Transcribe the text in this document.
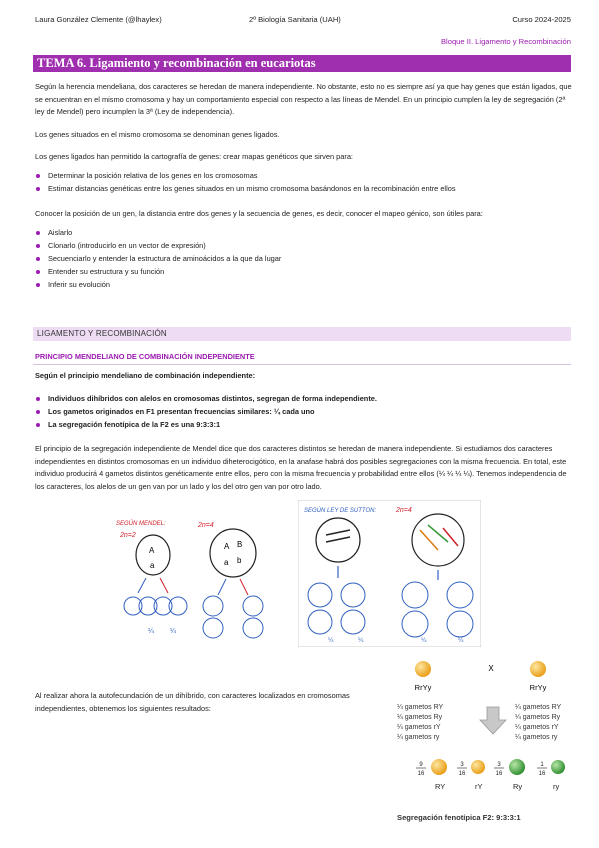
Laura González Clemente (@lhaylex)	2º Biología Sanitaria (UAH)	Curso 2024-2025
Bloque II. Ligamento y Recombinación
TEMA 6. Ligamiento y recombinación en eucariotas
Según la herencia mendeliana, dos caracteres se heredan de manera independiente. No obstante, esto no es siempre así ya que hay genes que están ligados, que se encuentran en el mismo cromosoma y hay un comportamiento especial con respecto a las líneas de Mendel. En un principio cumplen la ley de segregación (2ª ley de Mendel) pero incumplen la 3ª (Ley de independencia).
Los genes situados en el mismo cromosoma se denominan genes ligados.
Los genes ligados han permitido la cartografía de genes: crear mapas genéticos que sirven para:
Determinar la posición relativa de los genes en los cromosomas
Estimar distancias genéticas entre los genes situados en un mismo cromosoma basándonos en la recombinación entre ellos
Conocer la posición de un gen, la distancia entre dos genes y la secuencia de genes, es decir, conocer el mapeo génico, son útiles para:
Aislarlo
Clonarlo (introducirlo en un vector de expresión)
Secuenciarlo y entender la estructura de aminoácidos a la que da lugar
Entender su estructura y su función
Inferir su evolución
LIGAMENTO Y RECOMBINACIÓN
PRINCIPIO MENDELIANO DE COMBINACIÓN INDEPENDIENTE
Según el principio mendeliano de combinación independiente:
Individuos dihíbridos con alelos en cromosomas distintos, segregan de forma independiente.
Los gametos originados en F1 presentan frecuencias similares: ¼ cada uno
La segregación fenotípica de la F2 es una 9:3:3:1
El principio de la segregación independiente de Mendel dice que dos caracteres distintos se heredan de manera independiente. Si estudiamos dos caracteres independientes en distintos cromosomas en un individuo diheterocigótico, en la anafase habrá dos posibles segregaciones con la misma frecuencia. En total, este individuo producirá 4 gametos distintos genéticamente entre ellos, pero con la misma frecuencia y probabilidad entre ellos (¼ ¼ ¼ ¼). Tenemos independencia de los caracteres, los alelos de un gen van por un lado y los del otro gen van por otro lado.
SEGÚN MENDEL:
2n=2
2n=4
A
a
A B
a b
¼ ¼
SEGÚN LEY DE SUTTON:	2n=4
¼	¼	¼	¼
Al realizar ahora la autofecundación de un dihíbrido, con caracteres localizados en cromosomas independientes, obtenemos los siguientes resultados:
X
RrYy	RrYy
¼ gametos RY
¼ gametos Ry
¼ gametos rY
¼ gametos ry
¼ gametos RY
¼ gametos Ry
¼ gametos rY
¼ gametos ry
9
16
RY
3
16
rY
3
16
Ry
1
16
ry
Segregación fenotípica F2: 9:3:3:1
